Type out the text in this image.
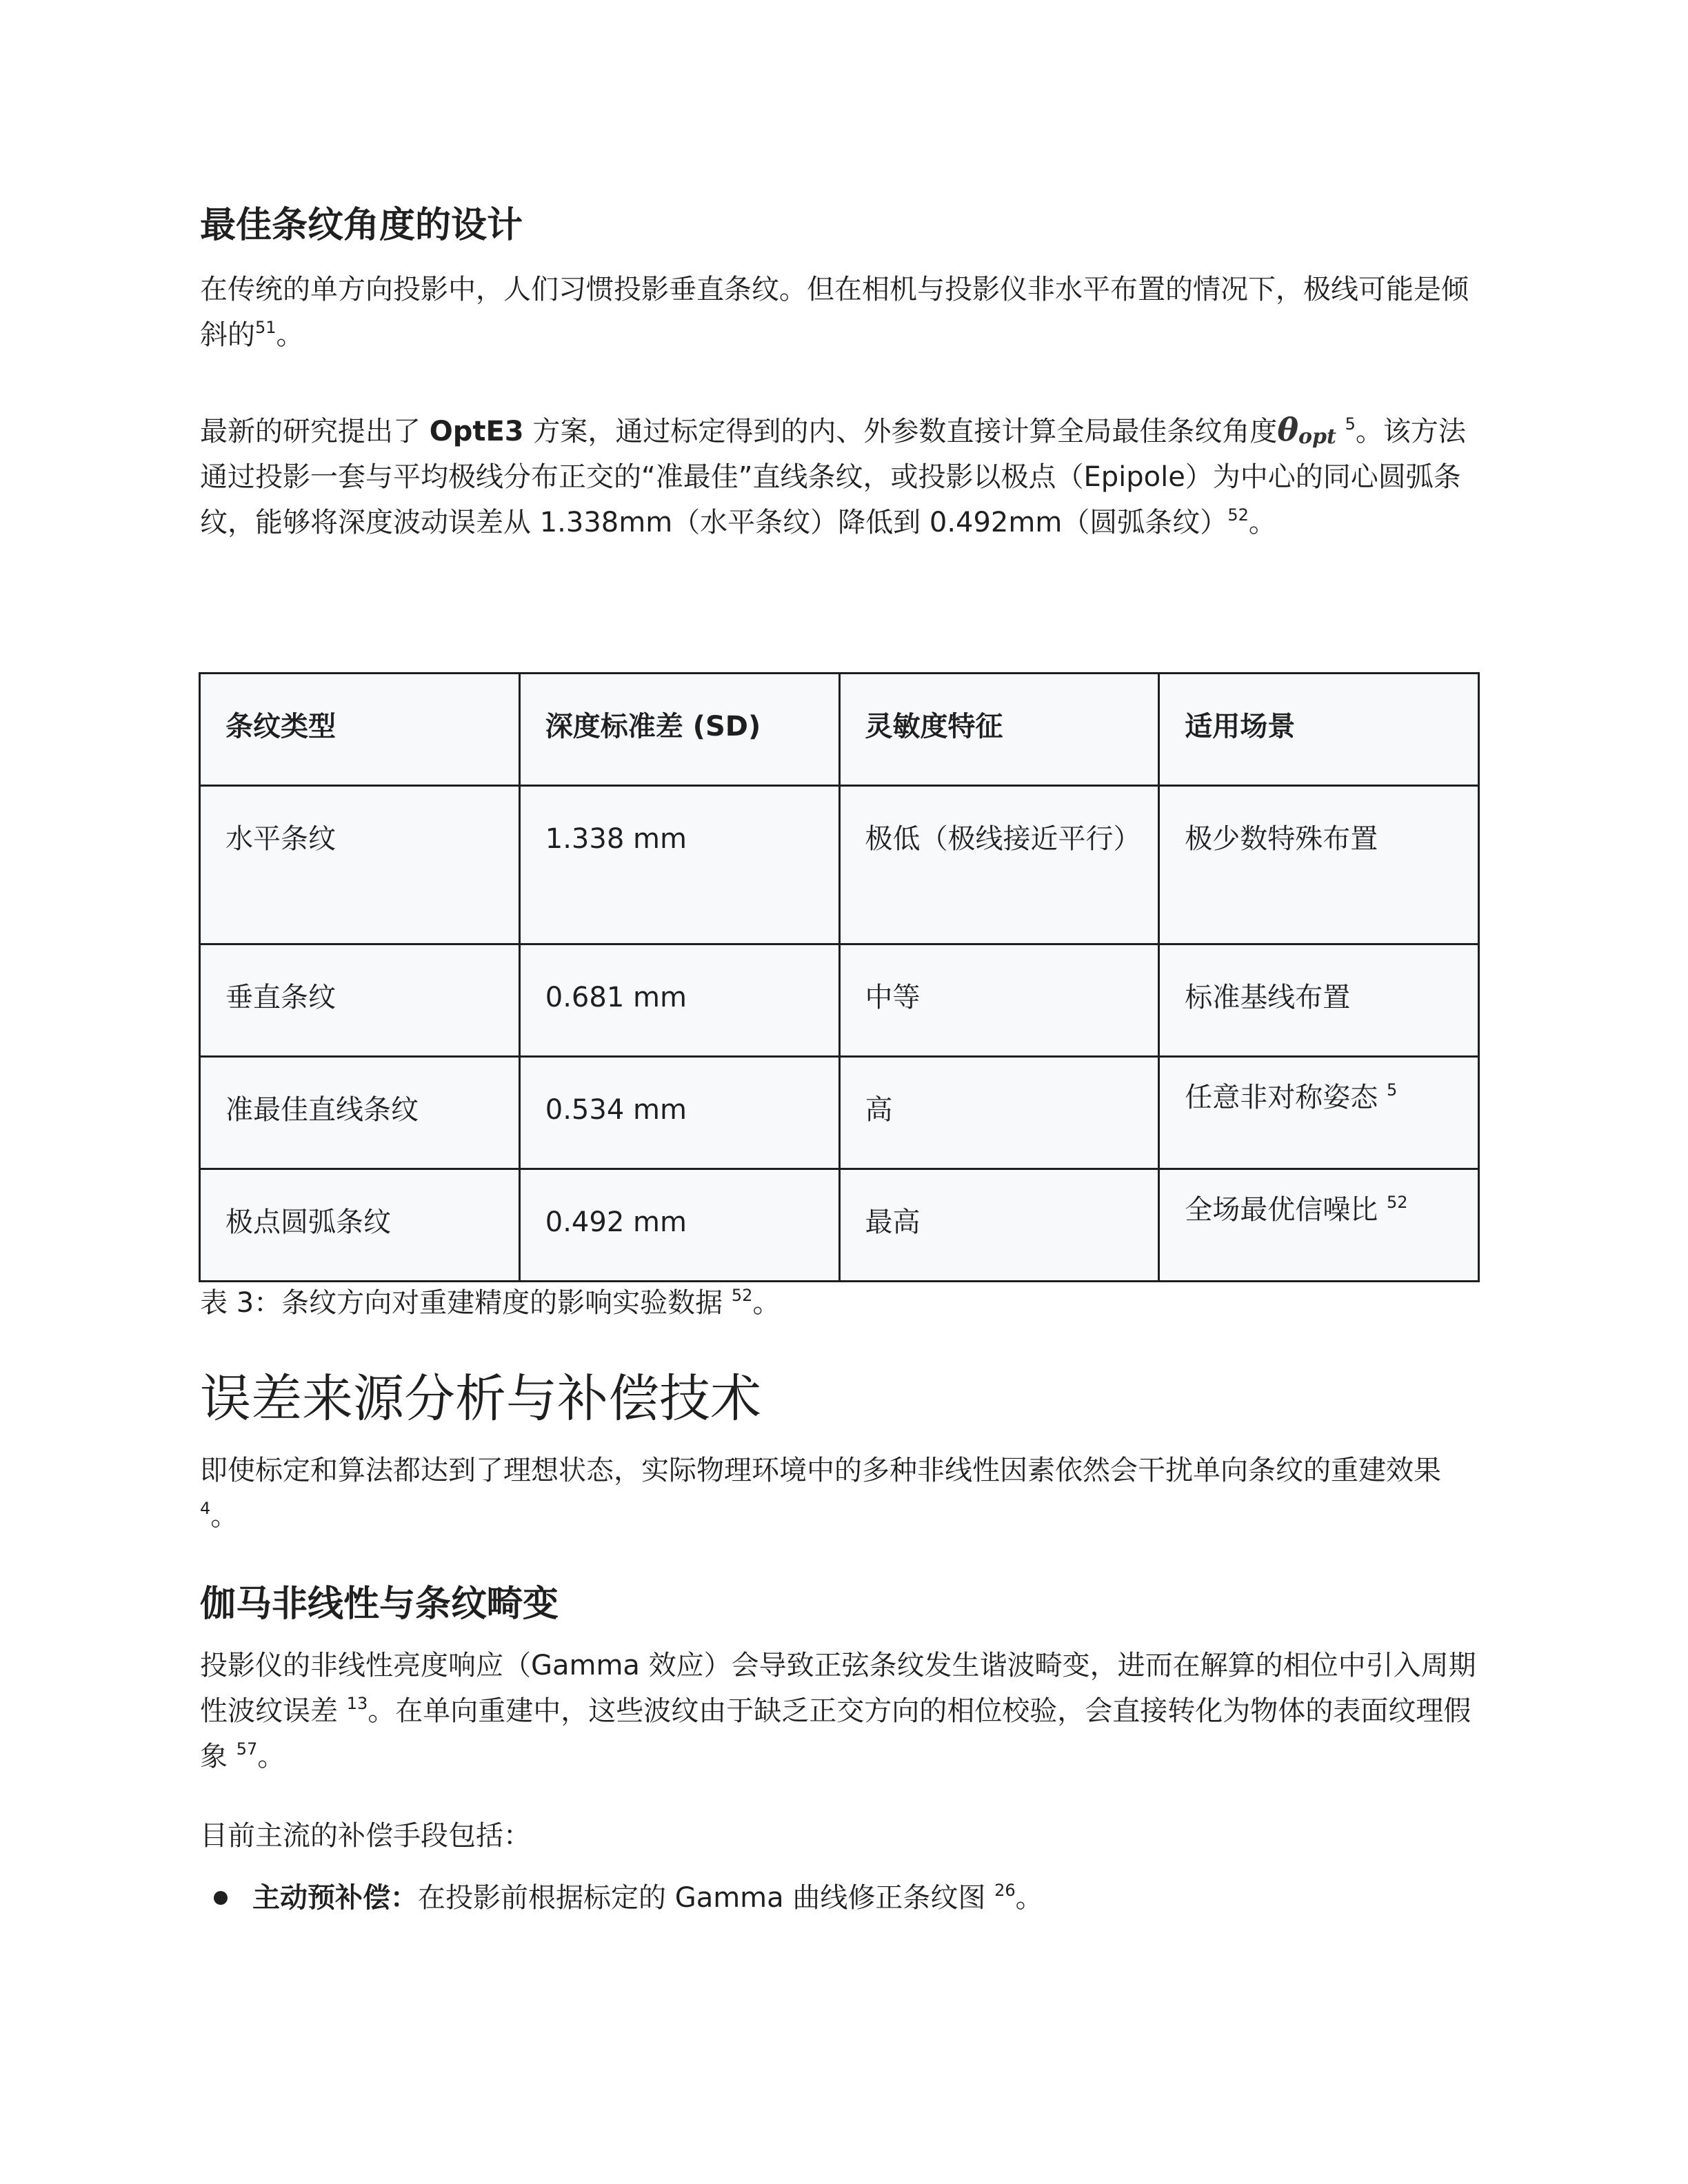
最佳条纹角度的设计

在传统的单方向投影中，人们习惯投影垂直条纹。但在相机与投影仪非水平布置的情况下，极线可能是倾斜的$^{51}$。

最新的研究提出了 OptE3 方案，通过标定得到的内、外参数直接计算全局最佳条纹角度$\theta_{opt}$ $^5$。该方法通过投影一套与平均极线分布正交的“准最佳”直线条纹，或投影以极点（Epipole）为中心的同心圆弧条纹，能够将深度波动误差从 1.338mm（水平条纹）降低到 0.492mm（圆弧条纹）$^{52}$。

条纹类型	深度标准差 (SD)	灵敏度特征	适用场景
水平条纹	1.338 mm	极低（极线接近平行）	极少数特殊布置
垂直条纹	0.681 mm	中等	标准基线布置
准最佳直线条纹	0.534 mm	高	任意非对称姿态 $^5$
极点圆弧条纹	0.492 mm	最高	全场最优信噪比 $^{52}$
表 3：条纹方向对重建精度的影响实验数据 $^{52}$。
误差来源分析与补偿技术

即使标定和算法都达到了理想状态，实际物理环境中的多种非线性因素依然会干扰单向条纹的重建效果 $^4$。

伽马非线性与条纹畸变

投影仪的非线性亮度响应（Gamma 效应）会导致正弦条纹发生谐波畸变，进而在解算的相位中引入周期性波纹误差 $^{13}$。在单向重建中，这些波纹由于缺乏正交方向的相位校验，会直接转化为物体的表面纹理假象 $^{57}$。

目前主流的补偿手段包括：
主动预补偿：在投影前根据标定的 Gamma 曲线修正条纹图 $^{26}$。
